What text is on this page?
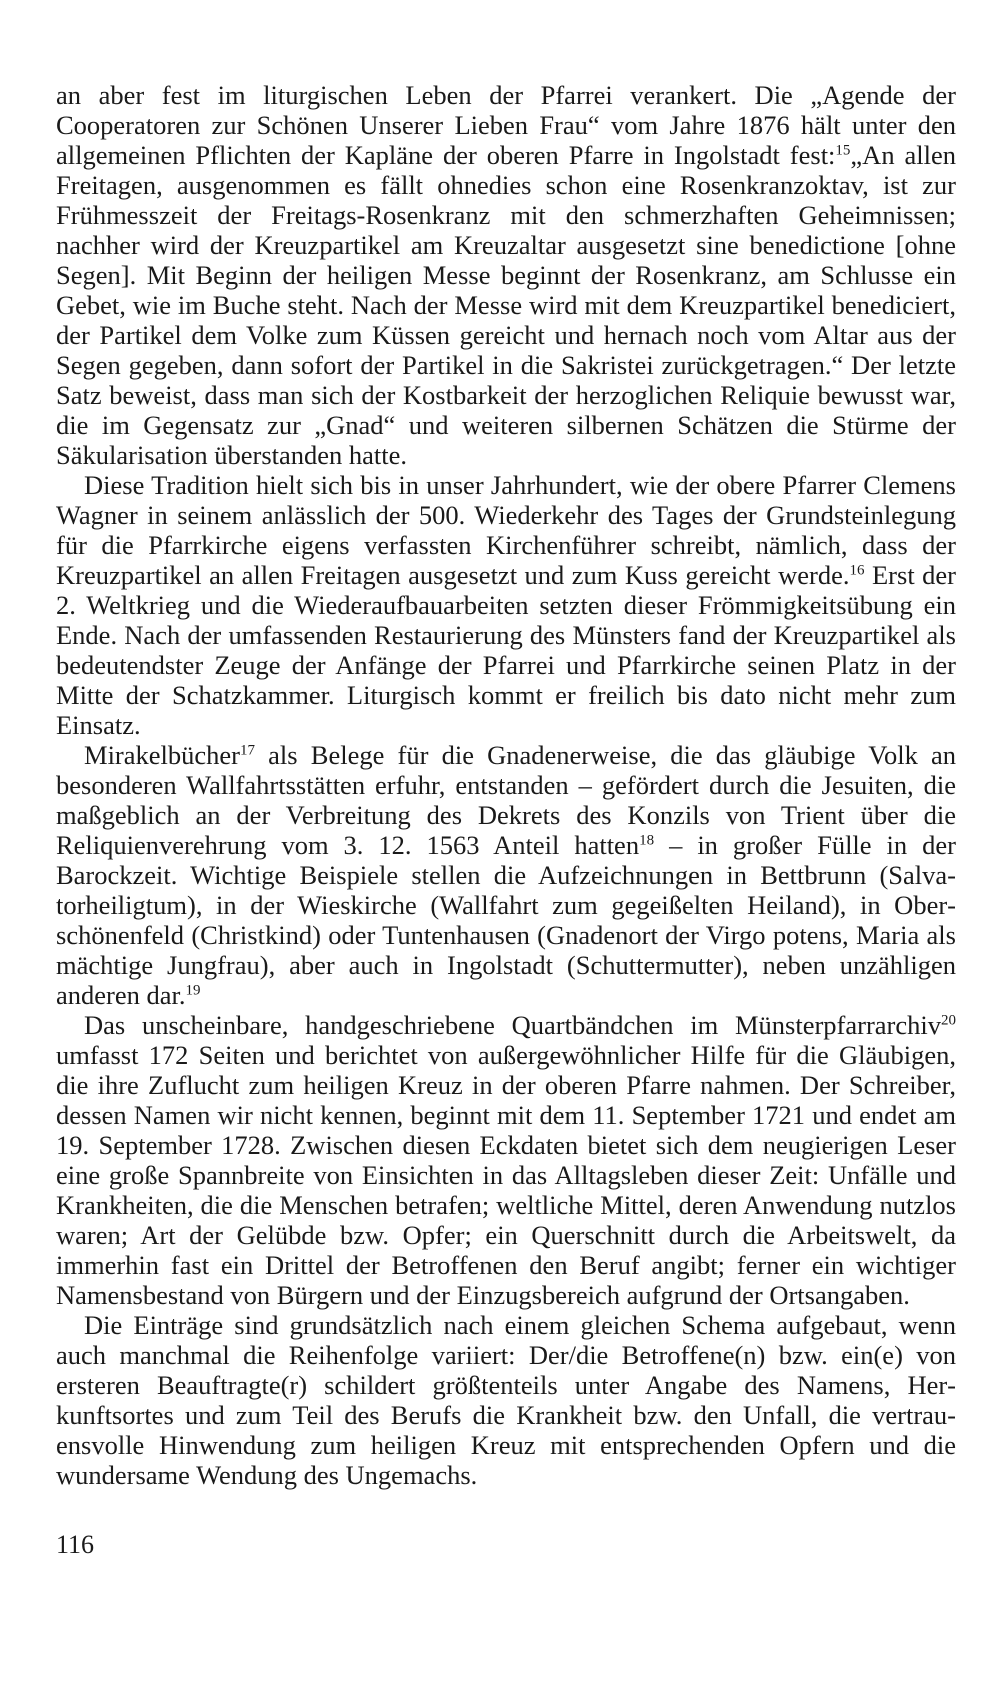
an aber fest im liturgischen Leben der Pfarrei verankert. Die „Agende der Cooperatoren zur Schönen Unserer Lieben Frau“ vom Jahre 1876 hält unter den allgemeinen Pflichten der Kapläne der oberen Pfarre in Ingolstadt fest:$^{15}$„An allen Freitagen, ausgenommen es fällt ohnedies schon eine Rosenkranzoktav, ist zur Frühmesszeit der Freitags-Rosenkranz mit den schmerzhaften Geheimnissen; nachher wird der Kreuzpartikel am Kreuzaltar ausgesetzt sine benedictione [ohne Segen]. Mit Beginn der heiligen Messe beginnt der Rosenkranz, am Schlusse ein Gebet, wie im Buche steht. Nach der Messe wird mit dem Kreuzpartikel benediciert, der Partikel dem Volke zum Küssen gereicht und hernach noch vom Altar aus der Segen gegeben, dann sofort der Partikel in die Sakristei zurückgetragen.“ Der letzte Satz beweist, dass man sich der Kostbarkeit der herzoglichen Reliquie bewusst war, die im Gegensatz zur „Gnad“ und weiteren silbernen Schätzen die Stürme der Säkularisation überstanden hatte.

Diese Tradition hielt sich bis in unser Jahrhundert, wie der obere Pfarrer Clemens Wagner in seinem anlässlich der 500. Wiederkehr des Tages der Grundsteinlegung für die Pfarrkirche eigens verfassten Kirchenführer schreibt, nämlich, dass der Kreuzpartikel an allen Freitagen ausgesetzt und zum Kuss gereicht werde.$^{16}$ Erst der 2. Weltkrieg und die Wiederaufbauarbeiten setzten dieser Frömmigkeitsübung ein Ende. Nach der umfassenden Restaurierung des Münsters fand der Kreuzpartikel als bedeutendster Zeuge der Anfänge der Pfarrei und Pfarrkirche seinen Platz in der Mitte der Schatzkammer. Liturgisch kommt er freilich bis dato nicht mehr zum Einsatz.

Mirakelbücher$^{17}$ als Belege für die Gnadenerweise, die das gläubige Volk an besonderen Wallfahrtsstätten erfuhr, entstanden – gefördert durch die Jesuiten, die maßgeblich an der Verbreitung des Dekrets des Konzils von Trient über die Reliquienverehrung vom 3. 12. 1563 Anteil hatten$^{18}$ – in großer Fülle in der Barockzeit. Wichtige Beispiele stellen die Aufzeichnungen in Bettbrunn (Salvatorheiligtum), in der Wieskirche (Wallfahrt zum gegeißelten Heiland), in Oberschönenfeld (Christkind) oder Tuntenhausen (Gnadenort der Virgo potens, Maria als mächtige Jungfrau), aber auch in Ingolstadt (Schuttermutter), neben unzähligen anderen dar.$^{19}$

Das unscheinbare, handgeschriebene Quartbändchen im Münsterpfarrarchiv$^{20}$ umfasst 172 Seiten und berichtet von außergewöhnlicher Hilfe für die Gläubigen, die ihre Zuflucht zum heiligen Kreuz in der oberen Pfarre nahmen. Der Schreiber, dessen Namen wir nicht kennen, beginnt mit dem 11. September 1721 und endet am 19. September 1728. Zwischen diesen Eckdaten bietet sich dem neugierigen Leser eine große Spannbreite von Einsichten in das Alltagsleben dieser Zeit: Unfälle und Krankheiten, die die Menschen betrafen; weltliche Mittel, deren Anwendung nutzlos waren; Art der Gelübde bzw. Opfer; ein Querschnitt durch die Arbeitswelt, da immerhin fast ein Drittel der Betroffenen den Beruf angibt; ferner ein wichtiger Namensbestand von Bürgern und der Einzugsbereich aufgrund der Ortsangaben.

Die Einträge sind grundsätzlich nach einem gleichen Schema aufgebaut, wenn auch manchmal die Reihenfolge variiert: Der/die Betroffene(n) bzw. ein(e) von ersteren Beauftragte(r) schildert größtenteils unter Angabe des Namens, Herkunftsortes und zum Teil des Berufs die Krankheit bzw. den Unfall, die vertrauensvolle Hinwendung zum heiligen Kreuz mit entsprechenden Opfern und die wundersame Wendung des Ungemachs.

116
